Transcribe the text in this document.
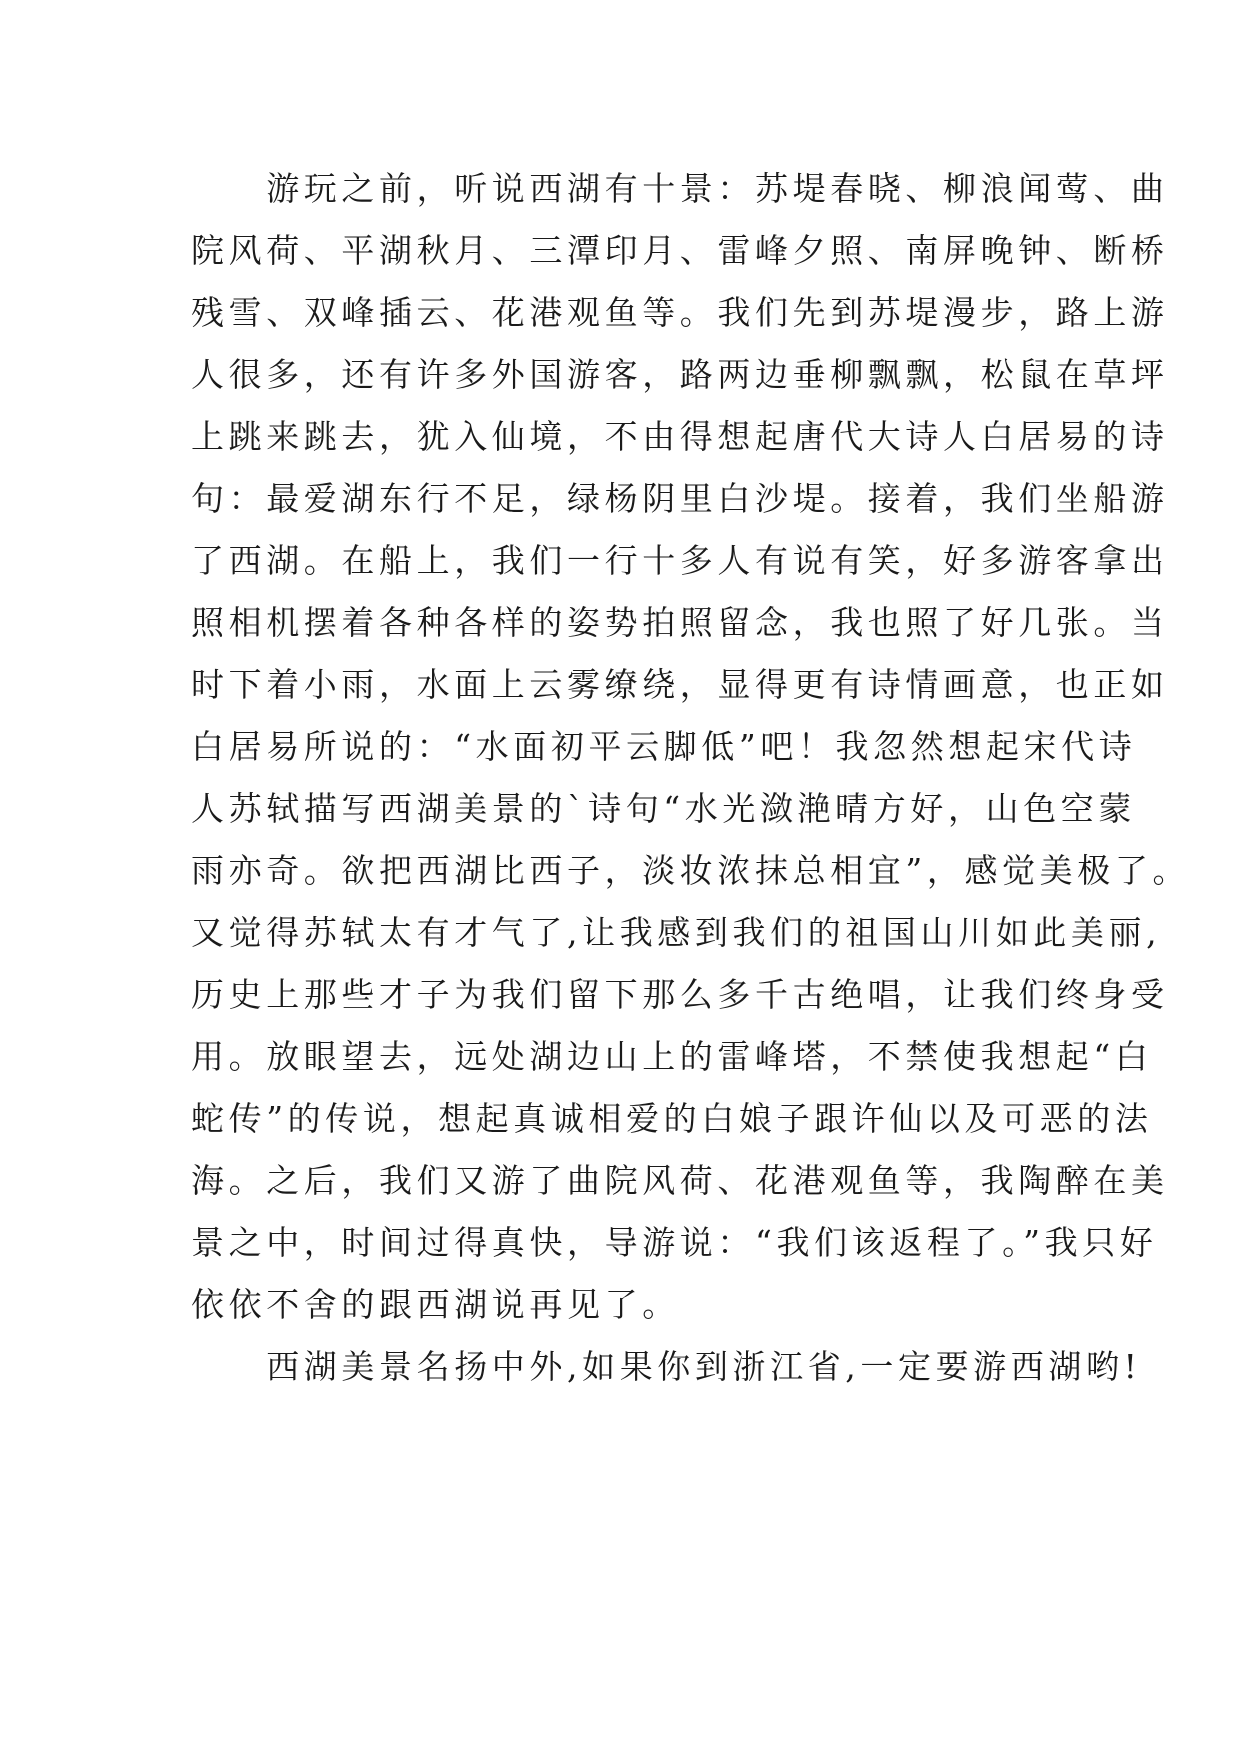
　　游玩之前，听说西湖有十景：苏堤春晓、柳浪闻莺、曲
院风荷、平湖秋月、三潭印月、雷峰夕照、南屏晚钟、断桥
残雪、双峰插云、花港观鱼等。我们先到苏堤漫步，路上游
人很多，还有许多外国游客，路两边垂柳飘飘，松鼠在草坪
上跳来跳去，犹入仙境，不由得想起唐代大诗人白居易的诗
句：最爱湖东行不足，绿杨阴里白沙堤。接着，我们坐船游
了西湖。在船上，我们一行十多人有说有笑，好多游客拿出
照相机摆着各种各样的姿势拍照留念，我也照了好几张。当
时下着小雨，水面上云雾缭绕，显得更有诗情画意，也正如
白居易所说的：“水面初平云脚低”吧！我忽然想起宋代诗
人苏轼描写西湖美景的`诗句“水光潋滟晴方好，山色空蒙
雨亦奇。欲把西湖比西子，淡妆浓抹总相宜”，感觉美极了。
又觉得苏轼太有才气了,让我感到我们的祖国山川如此美丽,
历史上那些才子为我们留下那么多千古绝唱，让我们终身受
用。放眼望去，远处湖边山上的雷峰塔，不禁使我想起“白
蛇传”的传说，想起真诚相爱的白娘子跟许仙以及可恶的法
海。之后，我们又游了曲院风荷、花港观鱼等，我陶醉在美
景之中，时间过得真快，导游说：“我们该返程了。”我只好
依依不舍的跟西湖说再见了。
　　西湖美景名扬中外,如果你到浙江省,一定要游西湖哟!
